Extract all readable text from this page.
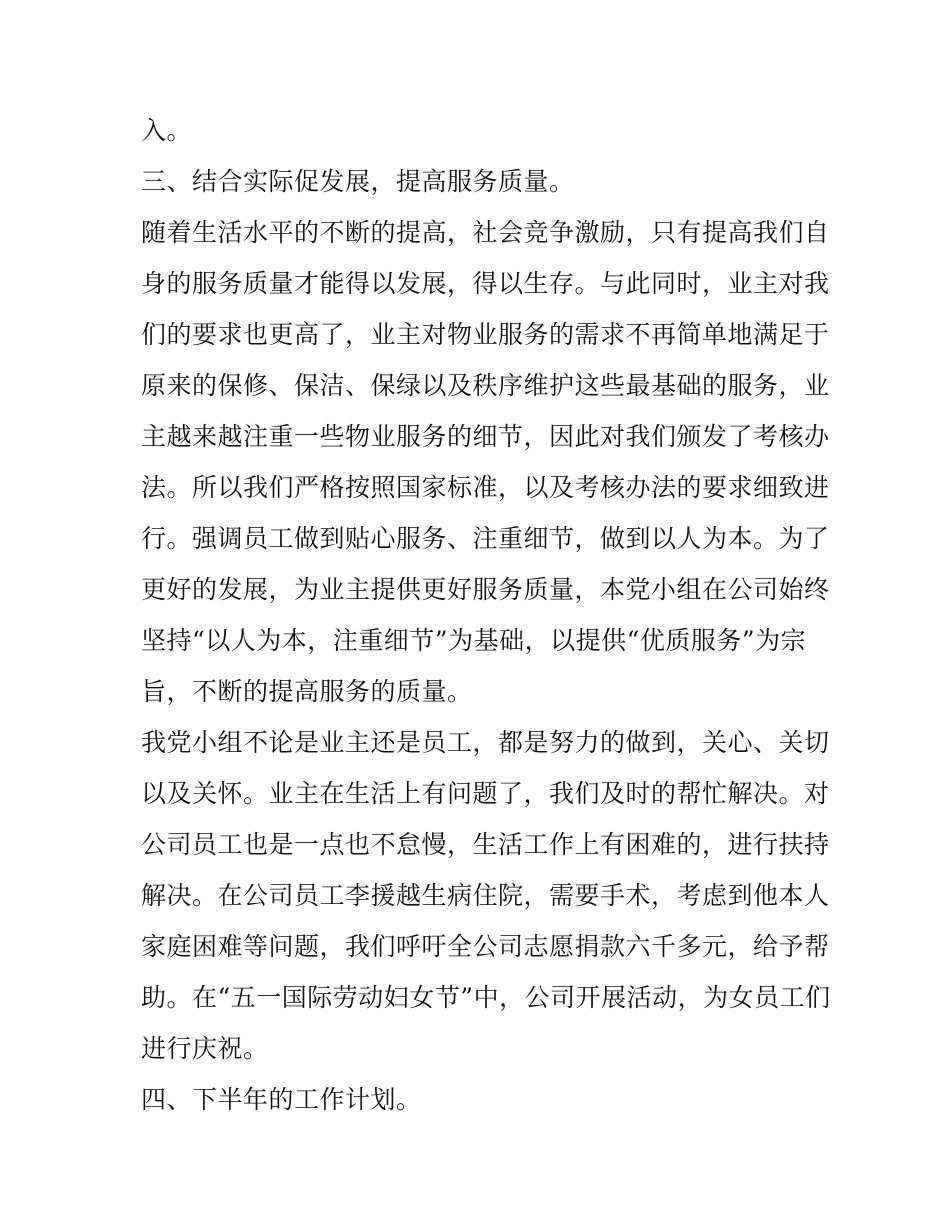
入。

三、结合实际促发展，提高服务质量。

随着生活水平的不断的提高，社会竞争激励，只有提高我们自

身的服务质量才能得以发展，得以生存。与此同时，业主对我

们的要求也更高了，业主对物业服务的需求不再简单地满足于

原来的保修、保洁、保绿以及秩序维护这些最基础的服务，业

主越来越注重一些物业服务的细节，因此对我们颁发了考核办

法。所以我们严格按照国家标准，以及考核办法的要求细致进

行。强调员工做到贴心服务、注重细节，做到以人为本。为了

更好的发展，为业主提供更好服务质量，本党小组在公司始终

坚持“以人为本，注重细节”为基础，以提供“优质服务”为宗

旨，不断的提高服务的质量。

我党小组不论是业主还是员工，都是努力的做到，关心、关切

以及关怀。业主在生活上有问题了，我们及时的帮忙解决。对

公司员工也是一点也不怠慢，生活工作上有困难的，进行扶持

解决。在公司员工李援越生病住院，需要手术，考虑到他本人

家庭困难等问题，我们呼吁全公司志愿捐款六千多元，给予帮

助。在“五一国际劳动妇女节”中，公司开展活动，为女员工们

进行庆祝。

四、下半年的工作计划。
